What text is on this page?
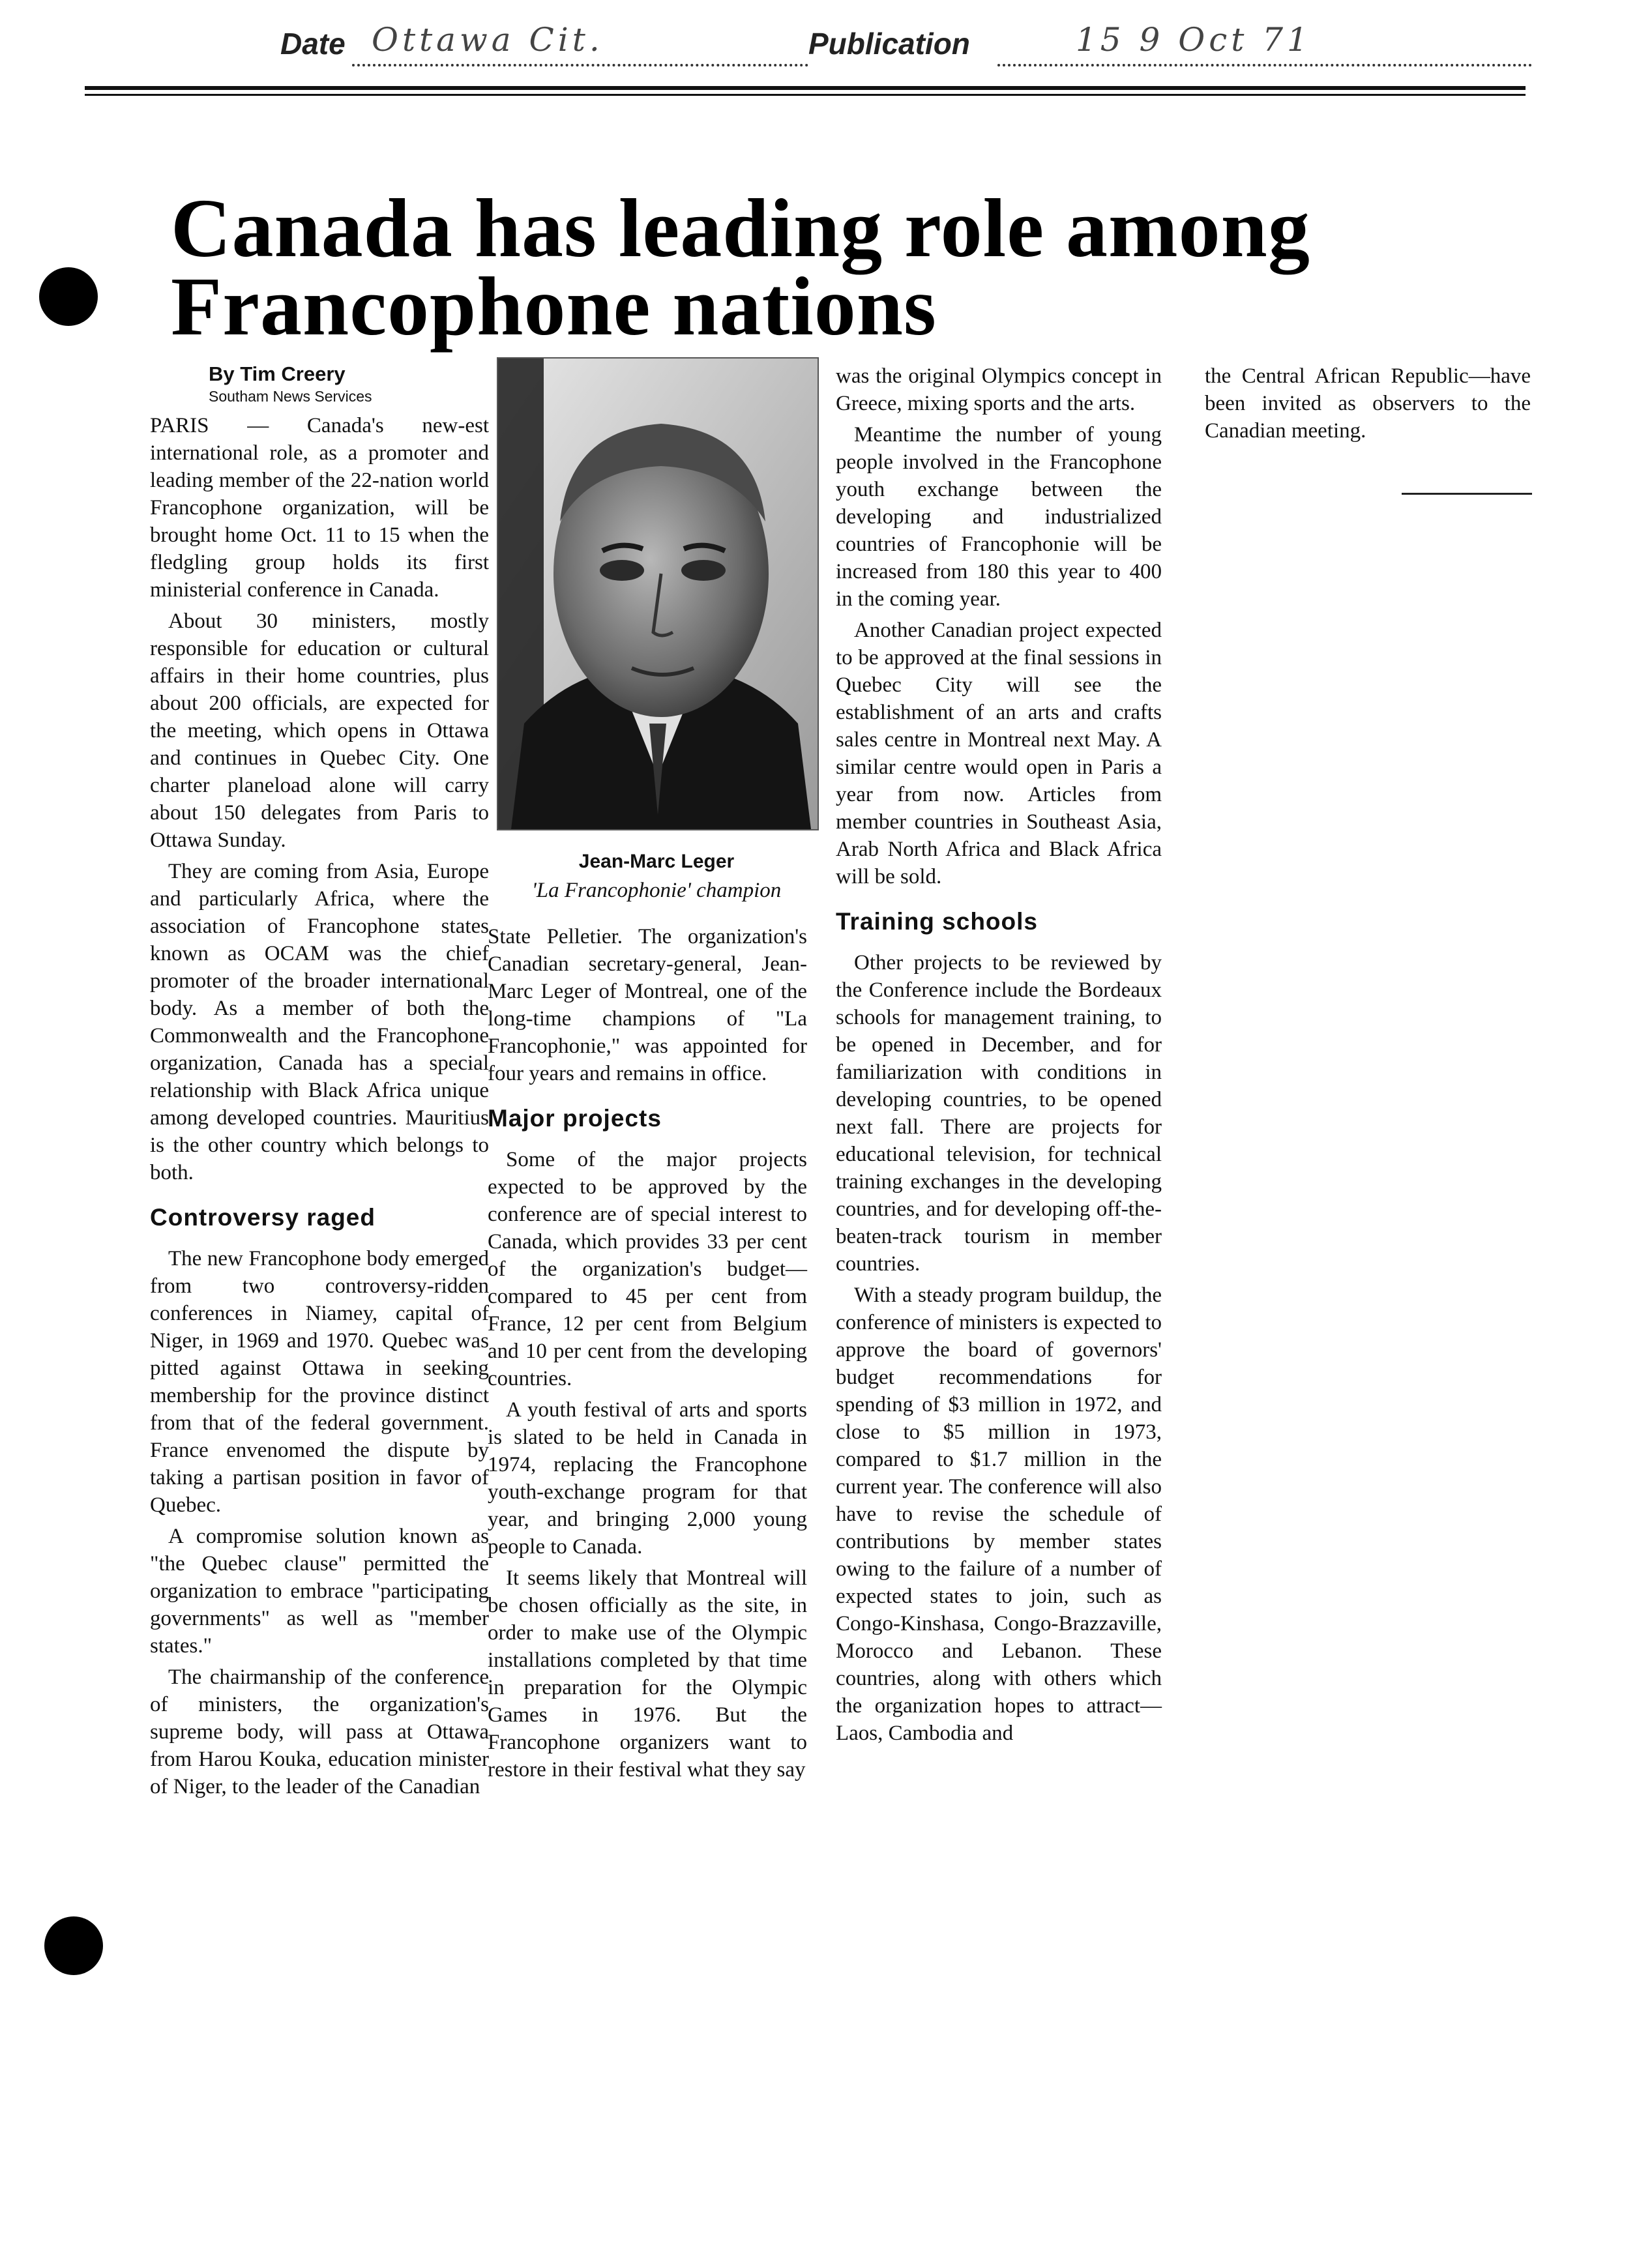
Date Ottawa Cit.	Publication	15 9 Oct 71
Canada has leading role among
Francophone nations
By Tim Creery
Southam News Services

PARIS — Canada's new-est international role, as a promoter and leading member of the 22-nation world Francophone organization, will be brought home Oct. 11 to 15 when the fledgling group holds its first ministerial conference in Canada.

About 30 ministers, mostly responsible for education or cultural affairs in their home countries, plus about 200 officials, are expected for the meeting, which opens in Ottawa and continues in Quebec City. One charter planeload alone will carry about 150 delegates from Paris to Ottawa Sunday.

They are coming from Asia, Europe and particularly Africa, where the association of Francophone states known as OCAM was the chief promoter of the broader international body. As a member of both the Commonwealth and the Francophone organization, Canada has a special relationship with Black Africa unique among developed countries. Mauritius is the other country which belongs to both.

Controversy raged

The new Francophone body emerged from two controversy-ridden conferences in Niamey, capital of Niger, in 1969 and 1970. Quebec was pitted against Ottawa in seeking membership for the province distinct from that of the federal government. France envenomed the dispute by taking a partisan position in favor of Quebec.

A compromise solution known as "the Quebec clause" permitted the organization to embrace "participating governments" as well as "member states."

The chairmanship of the conference of ministers, the organization's supreme body, will pass at Ottawa from Harou Kouka, education minister of Niger, to the leader of the Canadian

Jean-Marc Leger
'La Francophonie' champion

State Pelletier. The organization's Canadian secretary-general, Jean-Marc Leger of Montreal, one of the long-time champions of "La Francophonie," was appointed for four years and remains in office.

Major projects

Some of the major projects expected to be approved by the conference are of special interest to Canada, which provides 33 per cent of the organization's budget—compared to 45 per cent from France, 12 per cent from Belgium and 10 per cent from the developing countries.

A youth festival of arts and sports is slated to be held in Canada in 1974, replacing the Francophone youth-exchange program for that year, and bringing 2,000 young people to Canada.

It seems likely that Montreal will be chosen officially as the site, in order to make use of the Olympic installations completed by that time in preparation for the Olympic Games in 1976. But the Francophone organizers want to restore in their festival what they say

was the original Olympics concept in Greece, mixing sports and the arts.

Meantime the number of young people involved in the Francophone youth exchange between the developing and industrialized countries of Francophonie will be increased from 180 this year to 400 in the coming year.

Another Canadian project expected to be approved at the final sessions in Quebec City will see the establishment of an arts and crafts sales centre in Montreal next May. A similar centre would open in Paris a year from now. Articles from member countries in Southeast Asia, Arab North Africa and Black Africa will be sold.

Training schools

Other projects to be reviewed by the Conference include the Bordeaux schools for management training, to be opened in December, and for familiarization with conditions in developing countries, to be opened next fall. There are projects for educational television, for technical training exchanges in the developing countries, and for developing off-the-beaten-track tourism in member countries.

With a steady program buildup, the conference of ministers is expected to approve the board of governors' budget recommendations for spending of $3 million in 1972, and close to $5 million in 1973, compared to $1.7 million in the current year. The conference will also have to revise the schedule of contributions by member states owing to the failure of a number of expected states to join, such as Congo-Kinshasa, Congo-Brazzaville, Morocco and Lebanon. These countries, along with others which the organization hopes to attract—Laos, Cambodia and

the Central African Republic—have been invited as observers to the Canadian meeting.
